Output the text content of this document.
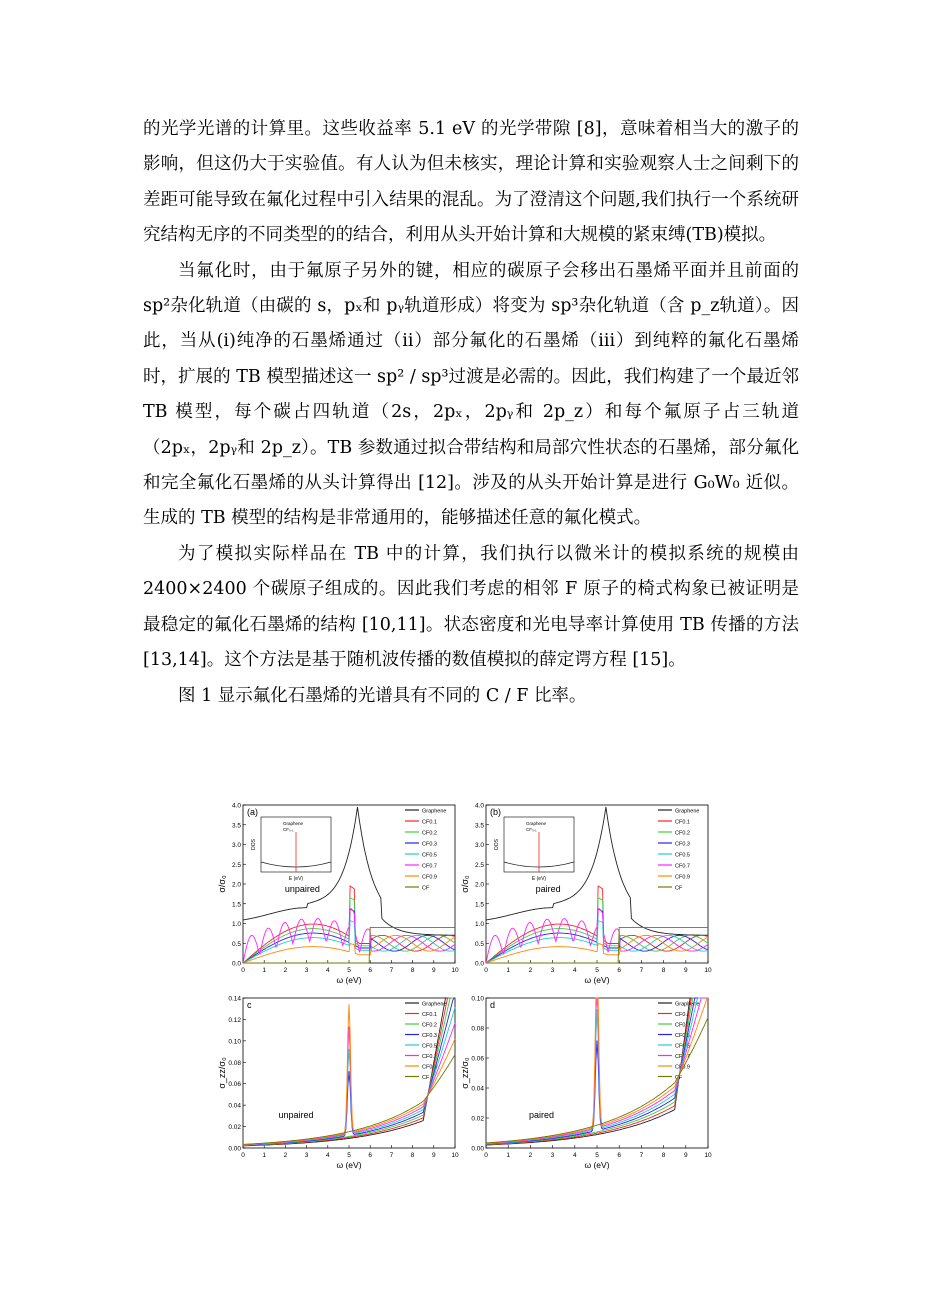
的光学光谱的计算里。这些收益率 5.1 eV 的光学带隙 [8]，意味着相当大的激子的影响，但这仍大于实验值。有人认为但未核实，理论计算和实验观察人士之间剩下的差距可能导致在氟化过程中引入结果的混乱。为了澄清这个问题,我们执行一个系统研究结构无序的不同类型的的结合，利用从头开始计算和大规模的紧束缚(TB)模拟。

当氟化时，由于氟原子另外的键，相应的碳原子会移出石墨烯平面并且前面的 sp²杂化轨道（由碳的 s，pₓ和 pᵧ轨道形成）将变为 sp³杂化轨道（含 p_z轨道）。因此，当从(i)纯净的石墨烯通过（ii）部分氟化的石墨烯（iii）到纯粹的氟化石墨烯时，扩展的 TB 模型描述这一 sp² / sp³过渡是必需的。因此，我们构建了一个最近邻 TB 模型，每个碳占四轨道（2s，2pₓ，2pᵧ和 2p_z）和每个氟原子占三轨道（2pₓ，2pᵧ和 2p_z）。TB 参数通过拟合带结构和局部穴性状态的石墨烯，部分氟化和完全氟化石墨烯的从头计算得出 [12]。涉及的从头开始计算是进行 G₀W₀ 近似。生成的 TB 模型的结构是非常通用的，能够描述任意的氟化模式。

为了模拟实际样品在 TB 中的计算，我们执行以微米计的模拟系统的规模由 2400×2400 个碳原子组成的。因此我们考虑的相邻 F 原子的椅式构象已被证明是最稳定的氟化石墨烯的结构 [10,11]。状态密度和光电导率计算使用 TB 传播的方法 [13,14]。这个方法是基于随机波传播的数值模拟的薛定谔方程 [15]。

图 1 显示氟化石墨烯的光谱具有不同的 C / F 比率。

0.0
0.5
1.0
1.5
2.0
2.5
3.0
3.5
4.0
0	1	2	3	4	5	6	7	8	9 10
ω (eV)
σ/σ₀
(a)
unpaired
Graphene
CF0.1
CF0.2
CF0.3
CF0.5
CF0.7
CF0.9
CF
Graphene
CF₀.₁
E (eV)
DOS
0.0
0.5
1.0
1.5
2.0
2.5
3.0
3.5
4.0
0	1	2	3	4	5	6	7	8	9	10
ω (eV)
σ/σ₀
(b)
paired
Graphene
CF0.1
CF0.2
CF0.3
CF0.5
CF0.7
CF0.9
CF
Graphene
CF₀.₁
E (eV)
DOS
0.00
0.02
0.04
0.06
0.08
0.10
0.12
0.14
0	1	2	3	4	5	6	7	8	9 10
ω (eV)
σ_zz/σ₀
c
unpaired
Graphene
CF0.1
CF0.2
CF0.3
CF0.5
CF0.7
CF0.9
CF
0.00
0.02
0.04
0.06
0.08
0.10
0	1	2	3	4	5	6	7	8	9	10
ω (eV)
σ_zz/σ₀
d
paired
Graphene
CF0.1
CF0.2
CF0.3
CF0.5
CF0.7
CF0.9
CF
